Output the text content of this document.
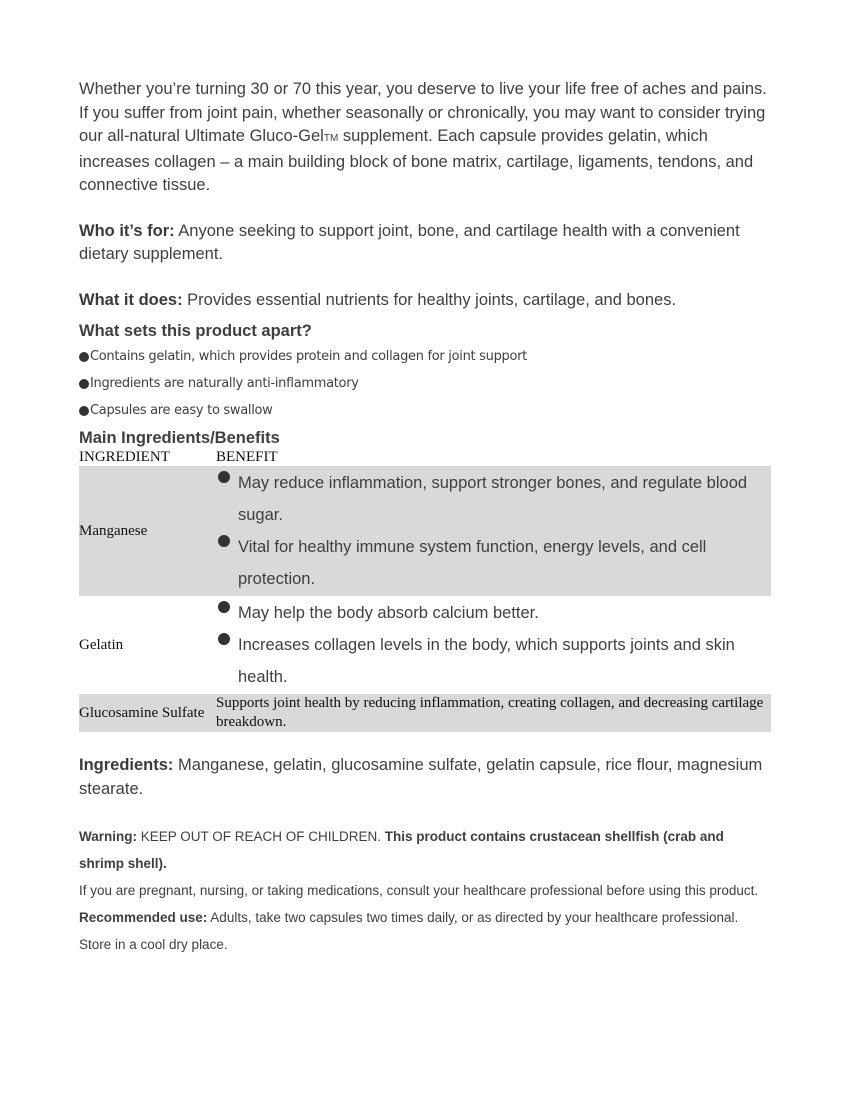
Whether you’re turning 30 or 70 this year, you deserve to live your life free of aches and pains. If you suffer from joint pain, whether seasonally or chronically, you may want to consider trying our all-natural Ultimate Gluco-GelTM supplement. Each capsule provides gelatin, which increases collagen – a main building block of bone matrix, cartilage, ligaments, tendons, and connective tissue.

Who it’s for: Anyone seeking to support joint, bone, and cartilage health with a convenient dietary supplement.

What it does: Provides essential nutrients for healthy joints, cartilage, and bones.

What sets this product apart?
Contains gelatin, which provides protein and collagen for joint support
Ingredients are naturally anti-inflammatory
Capsules are easy to swallow
Main Ingredients/Benefits
INGREDIENT	BENEFIT
Manganese
May reduce inflammation, support stronger bones, and regulate blood sugar.
Vital for healthy immune system function, energy levels, and cell protection.
Gelatin
May help the body absorb calcium better.
Increases collagen levels in the body, which supports joints and skin health.
Glucosamine Sulfate
Supports joint health by reducing inflammation, creating collagen, and decreasing cartilage breakdown.

Ingredients: Manganese, gelatin, glucosamine sulfate, gelatin capsule, rice flour, magnesium stearate.

Warning: KEEP OUT OF REACH OF CHILDREN. This product contains crustacean shellfish (crab and shrimp shell).

If you are pregnant, nursing, or taking medications, consult your healthcare professional before using this product.

Recommended use: Adults, take two capsules two times daily, or as directed by your healthcare professional. Store in a cool dry place.
